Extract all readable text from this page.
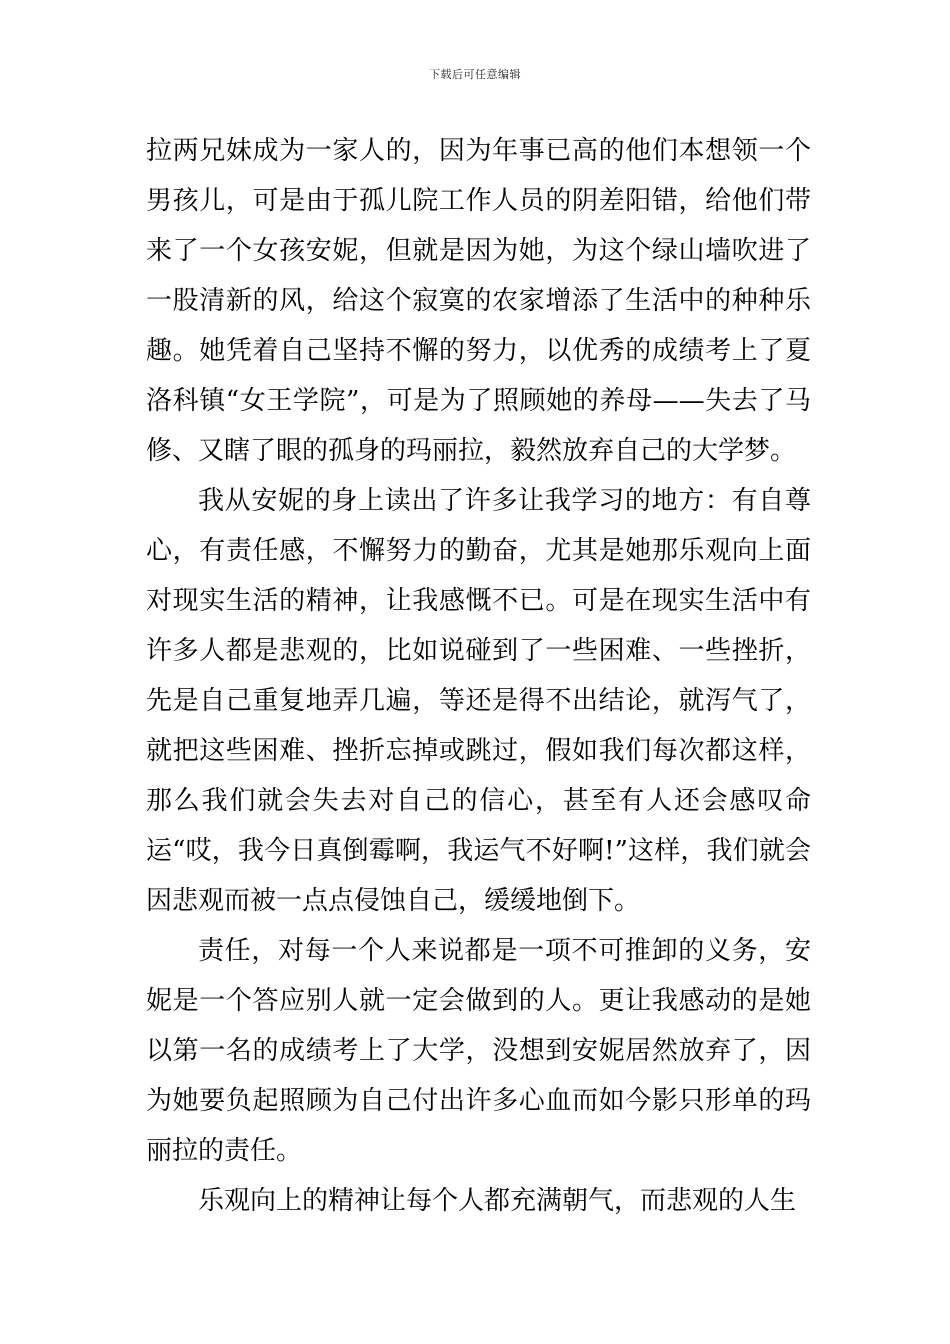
下载后可任意编辑

拉两兄妹成为一家人的，因为年事已高的他们本想领一个男孩儿，可是由于孤儿院工作人员的阴差阳错，给他们带来了一个女孩安妮，但就是因为她，为这个绿山墙吹进了一股清新的风，给这个寂寞的农家增添了生活中的种种乐趣。她凭着自己坚持不懈的努力，以优秀的成绩考上了夏洛科镇“女王学院”，可是为了照顾她的养母——失去了马修、又瞎了眼的孤身的玛丽拉，毅然放弃自己的大学梦。

我从安妮的身上读出了许多让我学习的地方：有自尊心，有责任感，不懈努力的勤奋，尤其是她那乐观向上面对现实生活的精神，让我感慨不已。可是在现实生活中有许多人都是悲观的，比如说碰到了一些困难、一些挫折，先是自己重复地弄几遍，等还是得不出结论，就泻气了，就把这些困难、挫折忘掉或跳过，假如我们每次都这样，那么我们就会失去对自己的信心，甚至有人还会感叹命运“哎，我今日真倒霉啊，我运气不好啊!”这样，我们就会因悲观而被一点点侵蚀自己，缓缓地倒下。

责任，对每一个人来说都是一项不可推卸的义务，安妮是一个答应别人就一定会做到的人。更让我感动的是她以第一名的成绩考上了大学，没想到安妮居然放弃了，因为她要负起照顾为自己付出许多心血而如今影只形单的玛丽拉的责任。

乐观向上的精神让每个人都充满朝气，而悲观的人生
